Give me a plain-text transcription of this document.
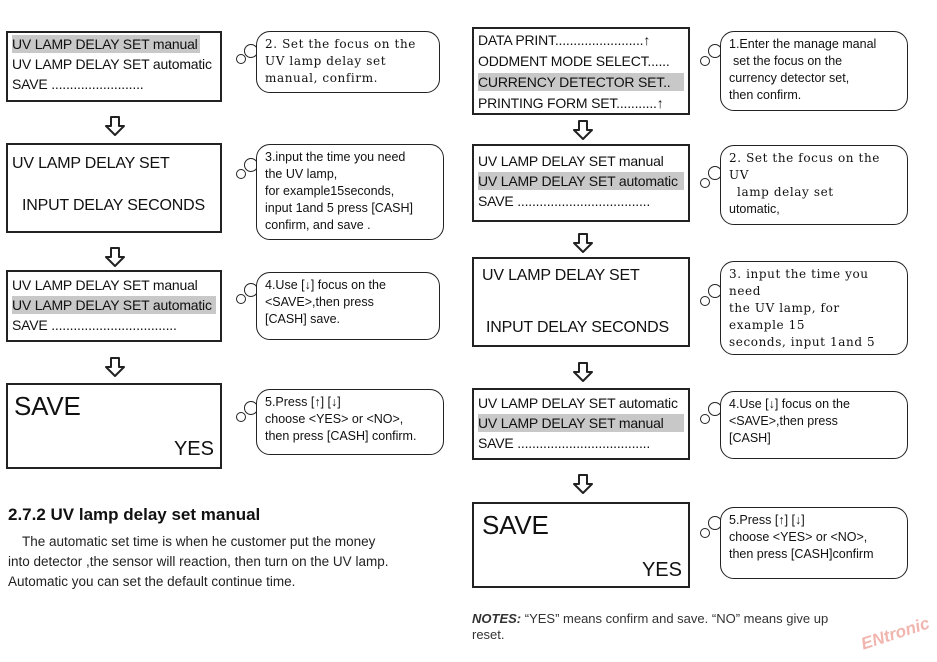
UV LAMP DELAY SET manual
UV LAMP DELAY SET automatic
SAVE .........................
2. Set the focus on the
UV lamp delay set
manual, confirm.
UV LAMP DELAY SET
INPUT DELAY SECONDS
3.input the time you need
the UV lamp,
for example15seconds,
input 1and 5 press [CASH]
confirm, and save .
UV LAMP DELAY SET manual
UV LAMP DELAY SET automatic
SAVE ..................................
4.Use [↓] focus on the
<SAVE>,then press
[CASH] save.
SAVE
YES
5.Press [↑] [↓]
choose <YES> or <NO>,
then press [CASH] confirm.
2.7.2 UV lamp delay set manual
The automatic set time is when he customer put the money
into detector ,the sensor will reaction, then turn on the UV lamp.
Automatic you can set the default continue time.
DATA PRINT........................↑
ODDMENT MODE SELECT......
CURRENCY DETECTOR SET..
PRINTING FORM SET...........↑
1.Enter the manage manal
set the focus on the
currency detector set,
then confirm.
UV LAMP DELAY SET manual
UV LAMP DELAY SET automatic
SAVE ....................................
2. Set the focus on the
UV
lamp delay set
utomatic,
UV LAMP DELAY SET
INPUT DELAY SECONDS
3. input the time you
need
the UV lamp, for
example 15
seconds, input 1and 5
UV LAMP DELAY SET automatic
UV LAMP DELAY SET manual
SAVE ....................................
4.Use [↓] focus on the
<SAVE>,then press
[CASH]
SAVE
YES
5.Press [↑] [↓]
choose <YES> or <NO>,
then press [CASH]confirm
NOTES: “YES” means confirm and save. “NO” means give up
reset.	ENtronic
